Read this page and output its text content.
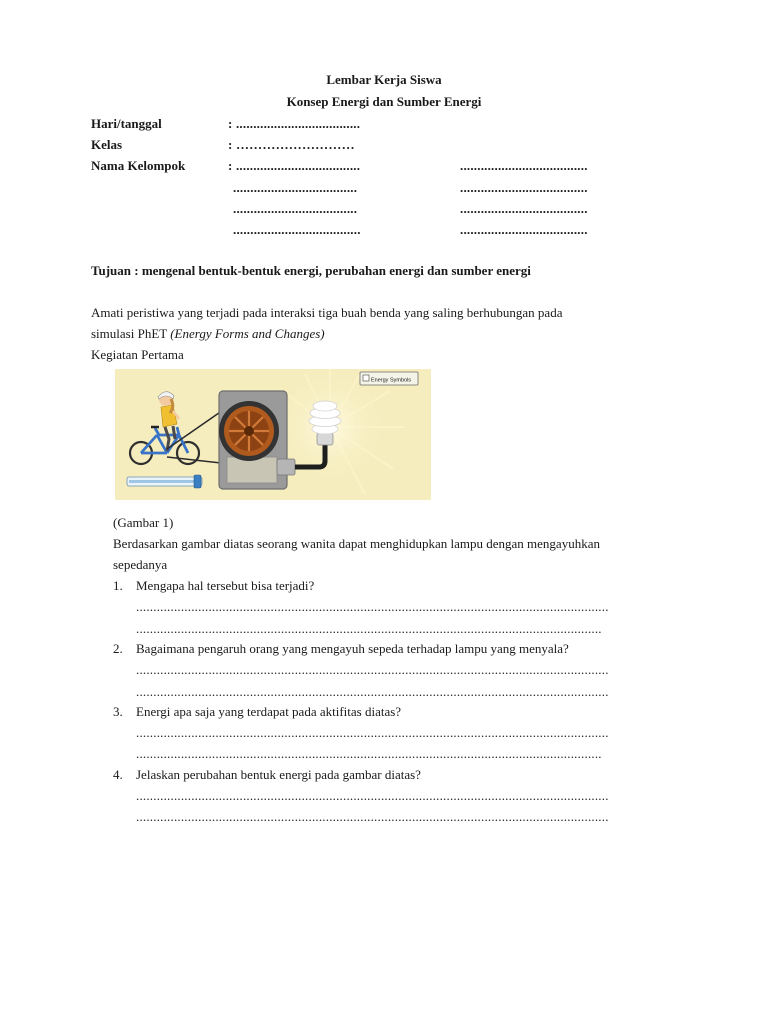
Lembar Kerja Siswa
Konsep Energi dan Sumber Energi
Hari/tanggal	: ....................................
Kelas	: ………………………
Nama Kelompok	: ....................................	.....................................
....................................	.....................................
....................................	.....................................
.....................................	.....................................
Tujuan : mengenal bentuk-bentuk energi, perubahan energi dan sumber energi
Amati peristiwa yang terjadi pada interaksi tiga buah benda yang saling berhubungan pada
simulasi PhET (Energy Forms and Changes)
Kegiatan Pertama
Energy Symbols
(Gambar 1)
Berdasarkan gambar diatas seorang wanita dapat menghidupkan lampu dengan mengayuhkan
sepedanya
1. Mengapa hal tersebut bisa terjadi?
.........................................................................................................................................
.......................................................................................................................................
2. Bagaimana pengaruh orang yang mengayuh sepeda terhadap lampu yang menyala?
.........................................................................................................................................
.........................................................................................................................................
3. Energi apa saja yang terdapat pada aktifitas diatas?
.........................................................................................................................................
.......................................................................................................................................
4. Jelaskan perubahan bentuk energi pada gambar diatas?
.........................................................................................................................................
.........................................................................................................................................
